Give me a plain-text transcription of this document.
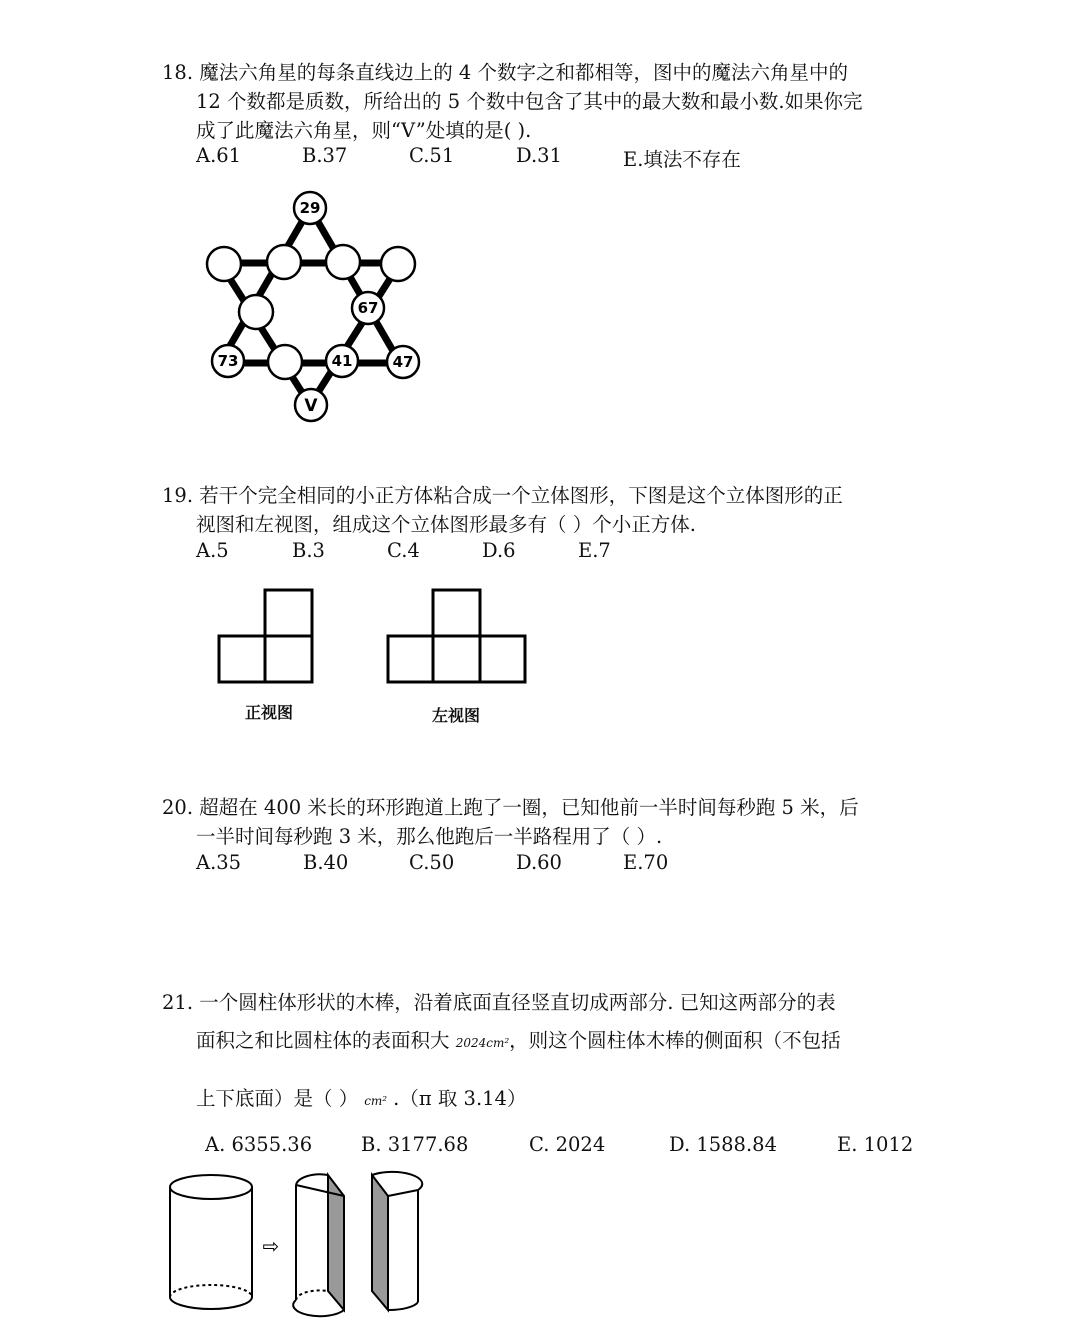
18. 魔法六角星的每条直线边上的 4 个数字之和都相等，图中的魔法六角星中的
12 个数都是质数，所给出的 5 个数中包含了其中的最大数和最小数.如果你完
成了此魔法六角星，则“V”处填的是( ).
A.61	B.37	C.51	D.31	E.填法不存在
29
67
73	41	47
V
19. 若干个完全相同的小正方体粘合成一个立体图形，下图是这个立体图形的正
视图和左视图，组成这个立体图形最多有（ ）个小正方体.
A.5	B.3	C.4	D.6	E.7
正视图	左视图
20. 超超在 400 米长的环形跑道上跑了一圈，已知他前一半时间每秒跑 5 米，后
一半时间每秒跑 3 米，那么他跑后一半路程用了（ ）.
A.35	B.40	C.50	D.60	E.70
21. 一个圆柱体形状的木棒，沿着底面直径竖直切成两部分. 已知这两部分的表
面积之和比圆柱体的表面积大 2024cm²，则这个圆柱体木棒的侧面积（不包括
上下底面）是（ ） cm² .（π 取 3.14）
A. 6355.36	B. 3177.68	C. 2024	D. 1588.84	E. 1012
⇨
